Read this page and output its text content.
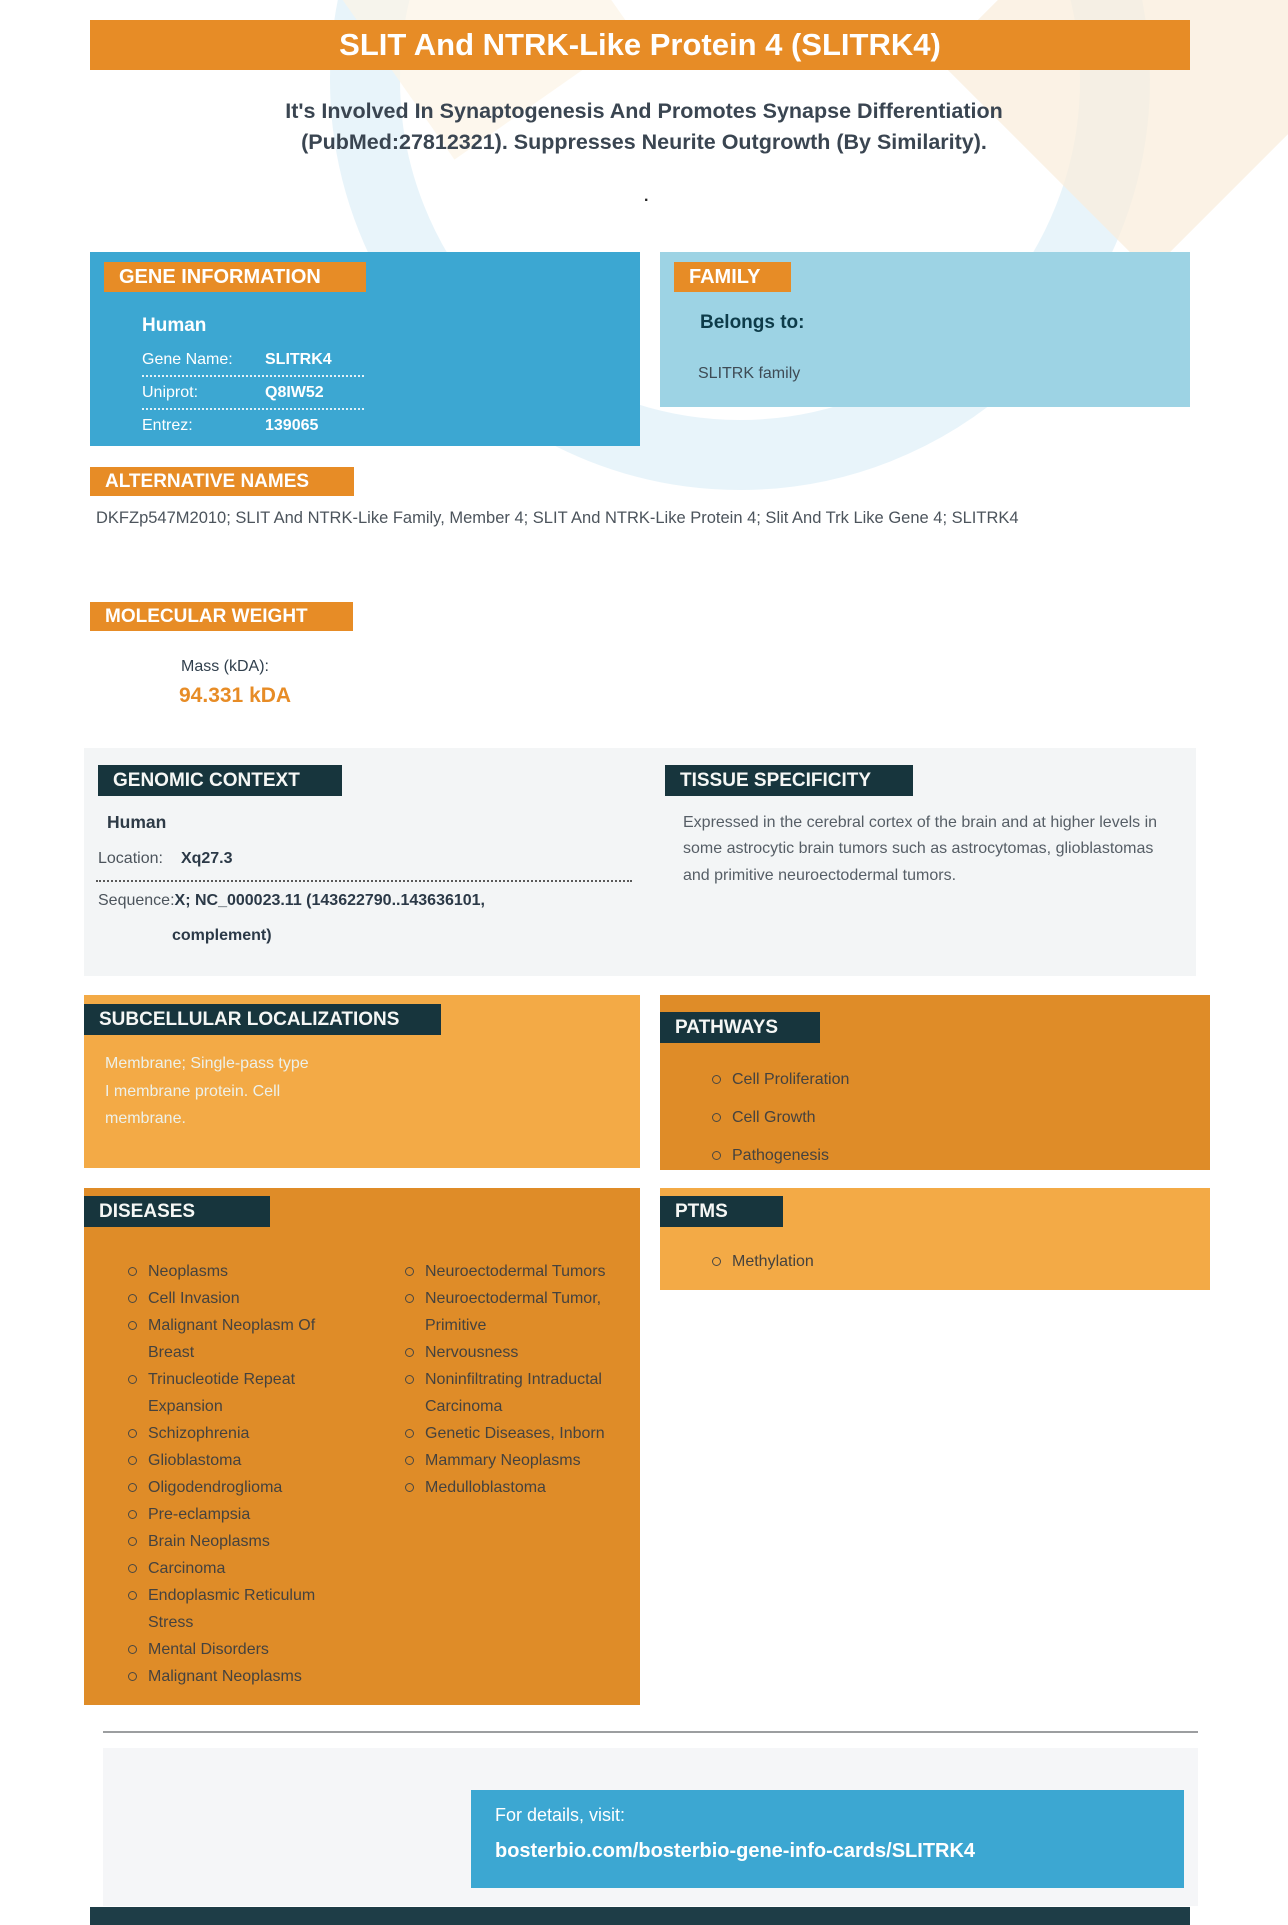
SLIT And NTRK-Like Protein 4 (SLITRK4)
It's Involved In Synaptogenesis And Promotes Synapse Differentiation (PubMed:27812321). Suppresses Neurite Outgrowth (By Similarity).
.
GENE INFORMATION
Human
Gene Name:	SLITRK4
Uniprot:	Q8IW52
Entrez:	139065
FAMILY
Belongs to:
SLITRK family
ALTERNATIVE NAMES
DKFZp547M2010; SLIT And NTRK-Like Family, Member 4; SLIT And NTRK-Like Protein 4; Slit And Trk Like Gene 4; SLITRK4
MOLECULAR WEIGHT
Mass (kDA):
94.331 kDA
GENOMIC CONTEXT
Human
Location: Xq27.3
Sequence:X; NC_000023.11 (143622790..143636101,
complement)
TISSUE SPECIFICITY
Expressed in the cerebral cortex of the brain and at higher levels in some astrocytic brain tumors such as astrocytomas, glioblastomas and primitive neuroectodermal tumors.
SUBCELLULAR LOCALIZATIONS
Membrane; Single-pass type I membrane protein. Cell membrane.
PATHWAYS
Cell Proliferation
Cell Growth
Pathogenesis
DISEASES
Neoplasms
Cell Invasion
Malignant Neoplasm Of Breast
Trinucleotide Repeat Expansion
Schizophrenia
Glioblastoma
Oligodendroglioma
Pre-eclampsia
Brain Neoplasms
Carcinoma
Endoplasmic Reticulum Stress
Mental Disorders
Malignant Neoplasms
Neuroectodermal Tumors
Neuroectodermal Tumor, Primitive
Nervousness
Noninfiltrating Intraductal Carcinoma
Genetic Diseases, Inborn
Mammary Neoplasms
Medulloblastoma
PTMS
Methylation
For details, visit:
bosterbio.com/bosterbio-gene-info-cards/SLITRK4
